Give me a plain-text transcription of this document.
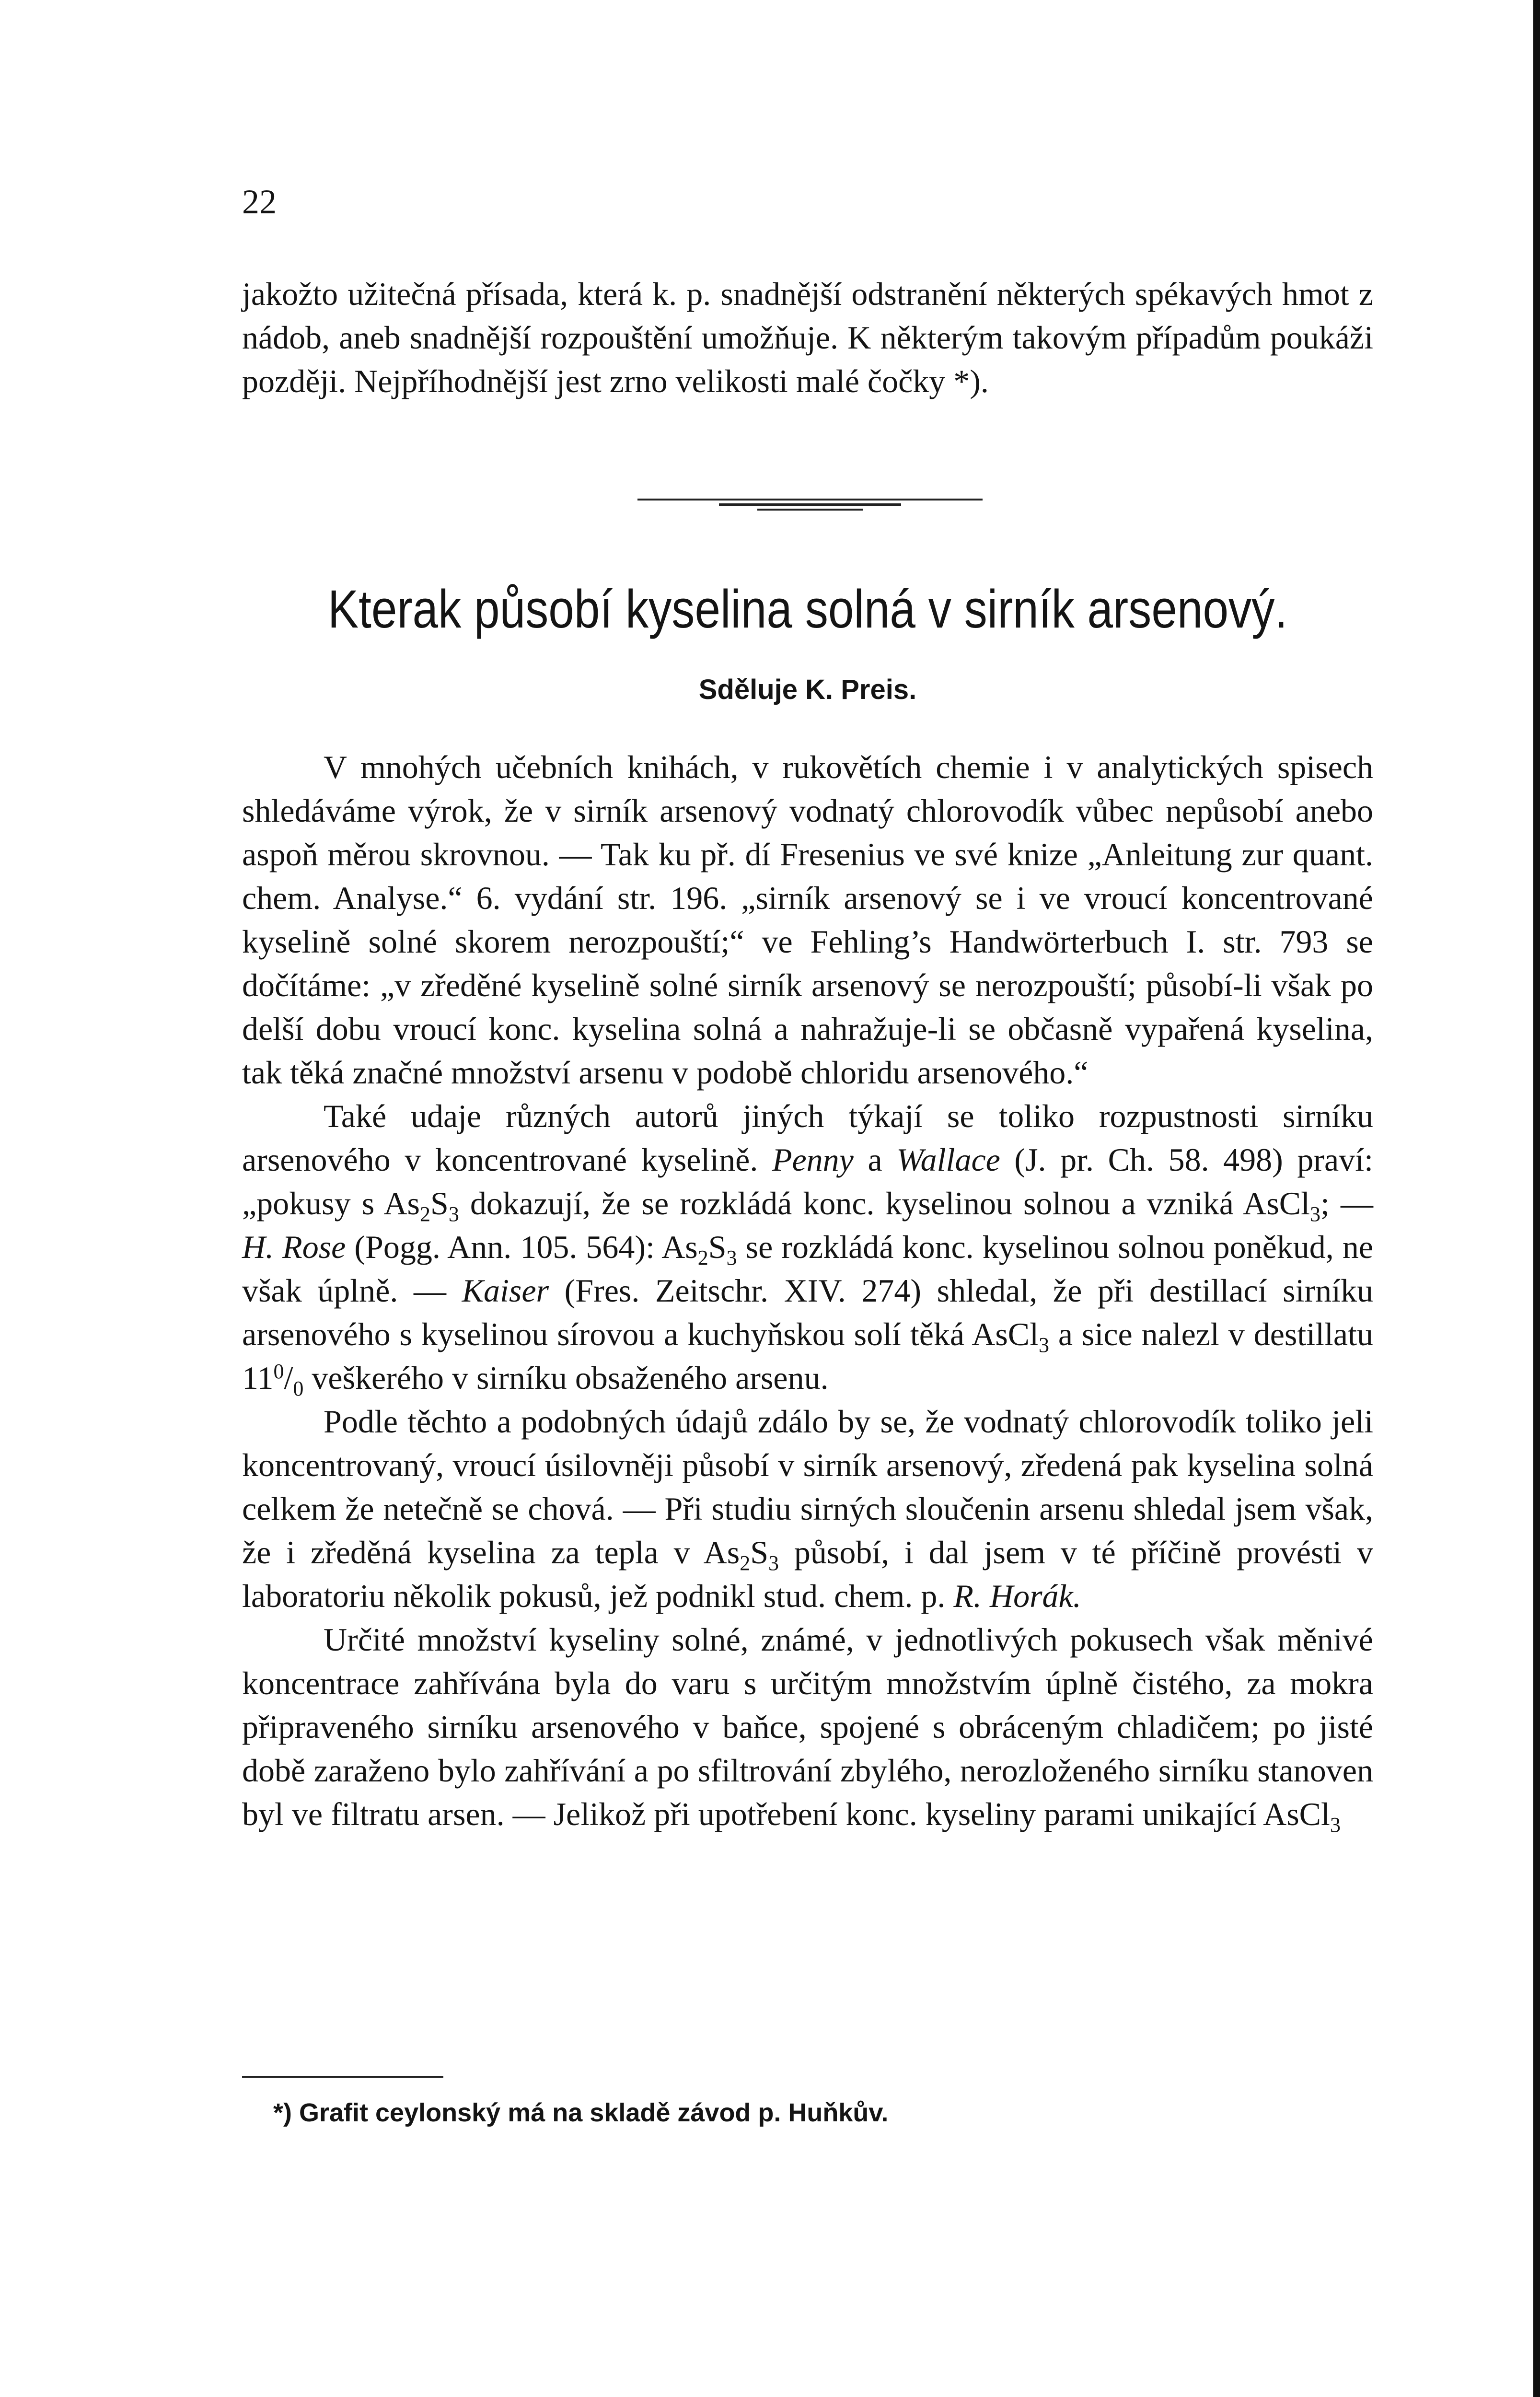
22

jakožto užitečná přísada, která k. p. snadnější odstranění některých spékavých hmot z nádob, aneb snadnější rozpouštění umožňuje. K některým takovým případům poukáži později. Nejpříhodnější jest zrno velikosti malé čočky *).

Kterak působí kyselina solná v sirník arsenový.
Sděluje K. Preis.

V mnohých učebních knihách, v rukovětích chemie i v analytických spisech shledáváme výrok, že v sirník arsenový vodnatý chlorovodík vůbec nepůsobí anebo aspoň měrou skrovnou. — Tak ku př. dí Fresenius ve své knize „Anleitung zur quant. chem. Analyse.“ 6. vydání str. 196. „sirník arsenový se i ve vroucí koncentrované kyselině solné skorem nerozpouští;“ ve Fehling’s Handwörterbuch I. str. 793 se dočítáme: „v zředěné kyselině solné sirník arsenový se nerozpouští; působí-li však po delší dobu vroucí konc. kyselina solná a nahražuje-li se občasně vypařená kyselina, tak těká značné množství arsenu v podobě chloridu arsenového.“

Také udaje různých autorů jiných týkají se toliko rozpustnosti sirníku arsenového v koncentrované kyselině. Penny a Wallace (J. pr. Ch. 58. 498) praví: „pokusy s $As_2S_3$ dokazují, že se rozkládá konc. kyselinou solnou a vzniká AsCl$_3$; — H. Rose (Pogg. Ann. 105. 564): $As_2S_3$ se rozkládá konc. kyselinou solnou poněkud, ne však úplně. — Kaiser (Fres. Zeitschr. XIV. 274) shledal, že při destillací sirníku arsenového s kyselinou sírovou a kuchyňskou solí těká AsCl$_3$ a sice nalezl v destillatu $11^0/_0$ veškerého v sirníku obsaženého arsenu.

Podle těchto a podobných údajů zdálo by se, že vodnatý chlorovodík toliko jeli koncentrovaný, vroucí úsilovněji působí v sirník arsenový, zředená pak kyselina solná celkem že netečně se chová. — Při studiu sirných sloučenin arsenu shledal jsem však, že i zředěná kyselina za tepla v $As_2S_3$ působí, i dal jsem v té příčině provésti v laboratoriu několik pokusů, jež podnikl stud. chem. p. R. Horák.

Určité množství kyseliny solné, známé, v jednotlivých pokusech však měnivé koncentrace zahřívána byla do varu s určitým množstvím úplně čistého, za mokra připraveného sirníku arsenového v baňce, spojené s obráceným chladičem; po jisté době zaraženo bylo zahřívání a po sfiltrování zbylého, nerozloženého sirníku stanoven byl ve filtratu arsen. — Jelikož při upotřebení konc. kyseliny parami unikající AsCl$_3$

*) Grafit ceylonský má na skladě závod p. Huňkův.
